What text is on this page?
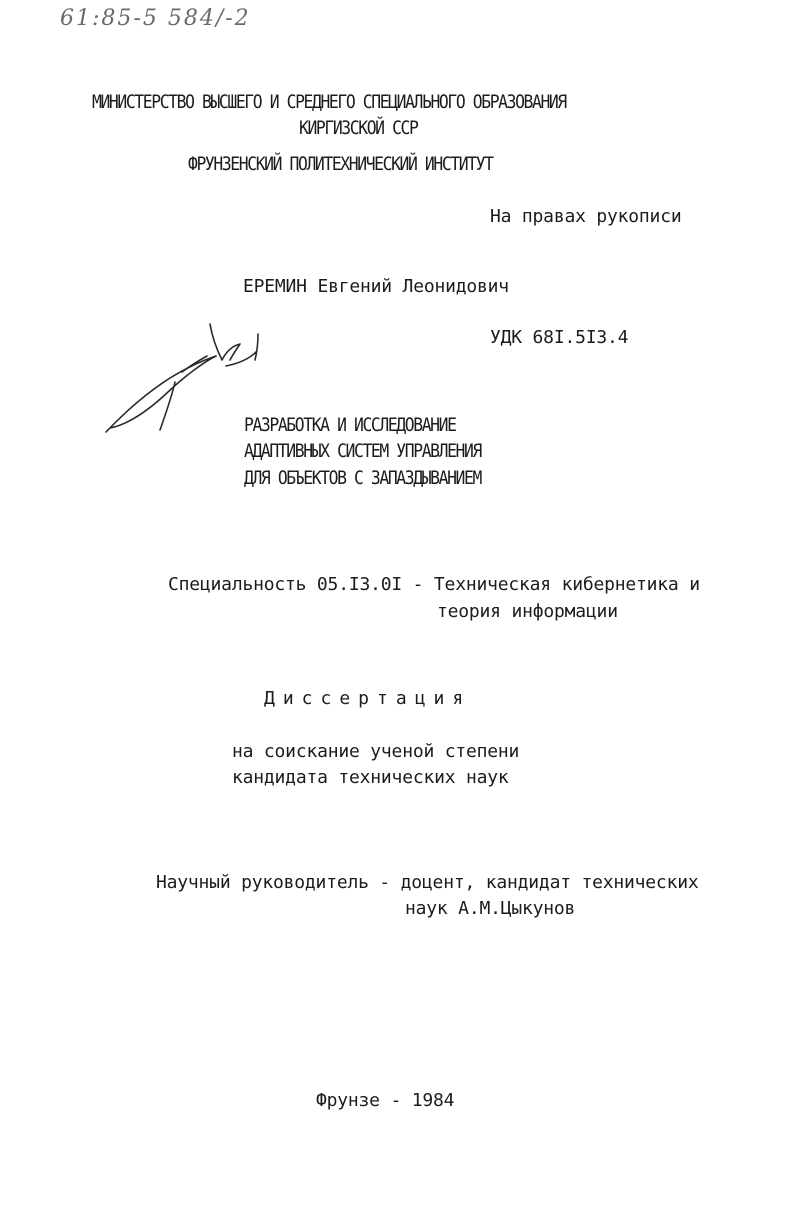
61:85-5 584/-2
МИНИСТЕРСТВО ВЫСШЕГО И СРЕДНЕГО СПЕЦИАЛЬНОГО ОБРАЗОВАНИЯ
КИРГИЗСКОЙ ССР
ФРУНЗЕНСКИЙ ПОЛИТЕХНИЧЕСКИЙ ИНСТИТУТ
На правах рукописи
ЕРЕМИН Евгений Леонидович
УДК 68I.5I3.4
РАЗРАБОТКА И ИССЛЕДОВАНИЕ
АДАПТИВНЫХ СИСТЕМ УПРАВЛЕНИЯ
ДЛЯ ОБЪЕКТОВ С ЗАПАЗДЫВАНИЕМ
Специальность 05.I3.0I - Техническая кибернетика и
теория информации
Диссертация
на соискание ученой степени
кандидата технических наук
Научный руководитель - доцент, кандидат технических
наук А.М.Цыкунов
Фрунзе - 1984
